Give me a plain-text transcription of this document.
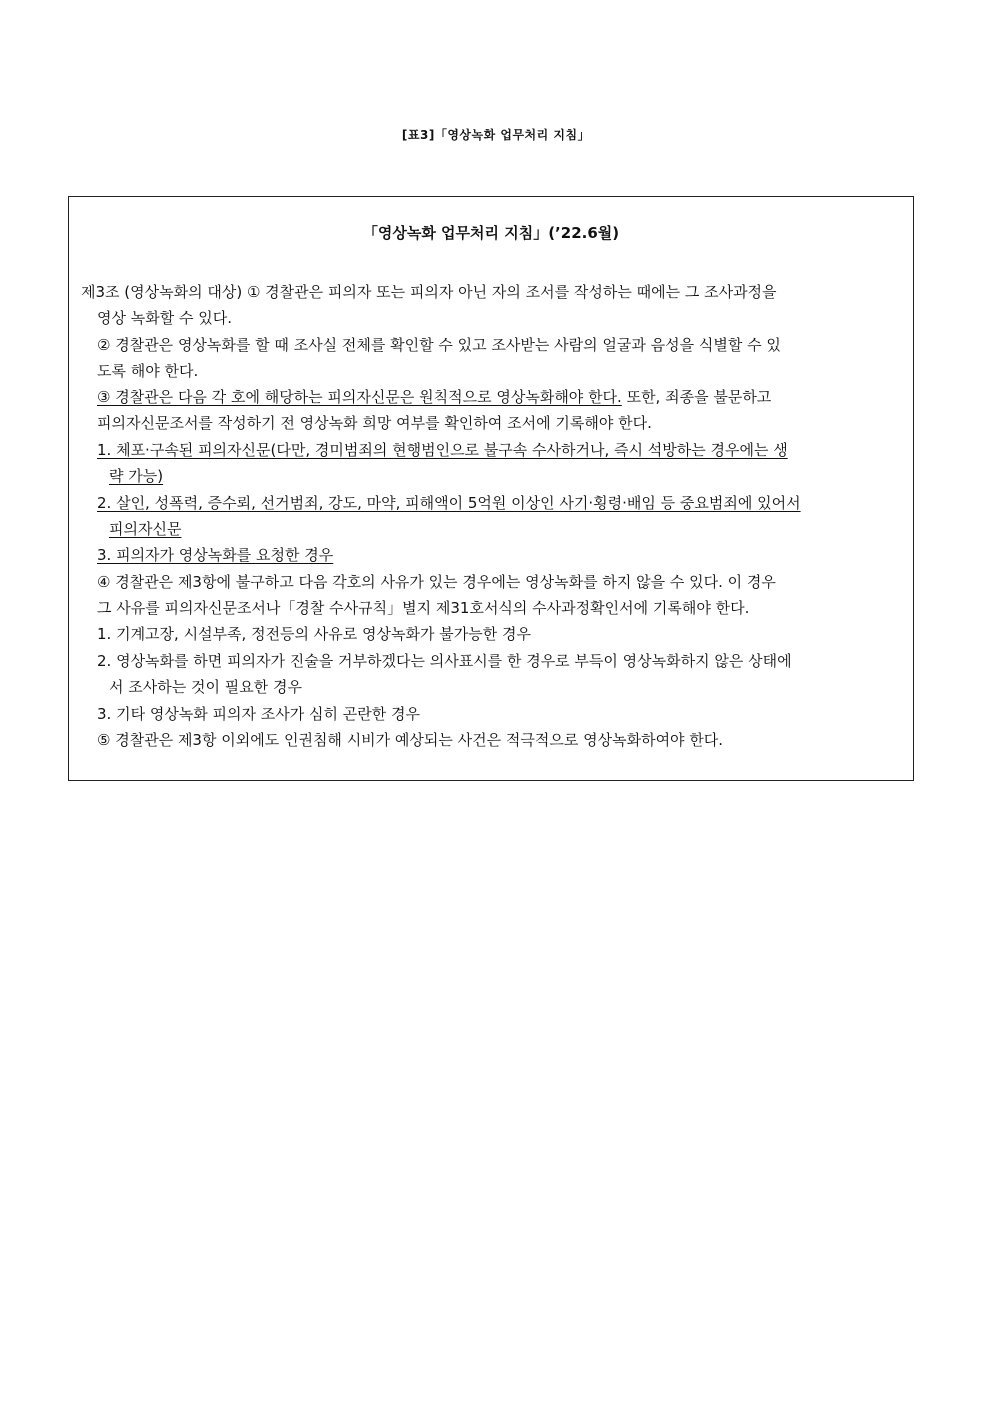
[표3]「영상녹화 업무처리 지침」
「영상녹화 업무처리 지침」(’22.6월)
제3조 (영상녹화의 대상) ① 경찰관은 피의자 또는 피의자 아닌 자의 조서를 작성하는 때에는 그 조사과정을
영상 녹화할 수 있다.
② 경찰관은 영상녹화를 할 때 조사실 전체를 확인할 수 있고 조사받는 사람의 얼굴과 음성을 식별할 수 있
도록 해야 한다.
③ 경찰관은 다음 각 호에 해당하는 피의자신문은 원칙적으로 영상녹화해야 한다. 또한, 죄종을 불문하고
피의자신문조서를 작성하기 전 영상녹화 희망 여부를 확인하여 조서에 기록해야 한다.
1. 체포·구속된 피의자신문(다만, 경미범죄의 현행범인으로 불구속 수사하거나, 즉시 석방하는 경우에는 생
략 가능)
2. 살인, 성폭력, 증수뢰, 선거범죄, 강도, 마약, 피해액이 5억원 이상인 사기·횡령·배임 등 중요범죄에 있어서
피의자신문
3. 피의자가 영상녹화를 요청한 경우
④ 경찰관은 제3항에 불구하고 다음 각호의 사유가 있는 경우에는 영상녹화를 하지 않을 수 있다. 이 경우
그 사유를 피의자신문조서나「경찰 수사규칙」별지 제31호서식의 수사과정확인서에 기록해야 한다.
1. 기계고장, 시설부족, 정전등의 사유로 영상녹화가 불가능한 경우
2. 영상녹화를 하면 피의자가 진술을 거부하겠다는 의사표시를 한 경우로 부득이 영상녹화하지 않은 상태에
서 조사하는 것이 필요한 경우
3. 기타 영상녹화 피의자 조사가 심히 곤란한 경우
⑤ 경찰관은 제3항 이외에도 인권침해 시비가 예상되는 사건은 적극적으로 영상녹화하여야 한다.
